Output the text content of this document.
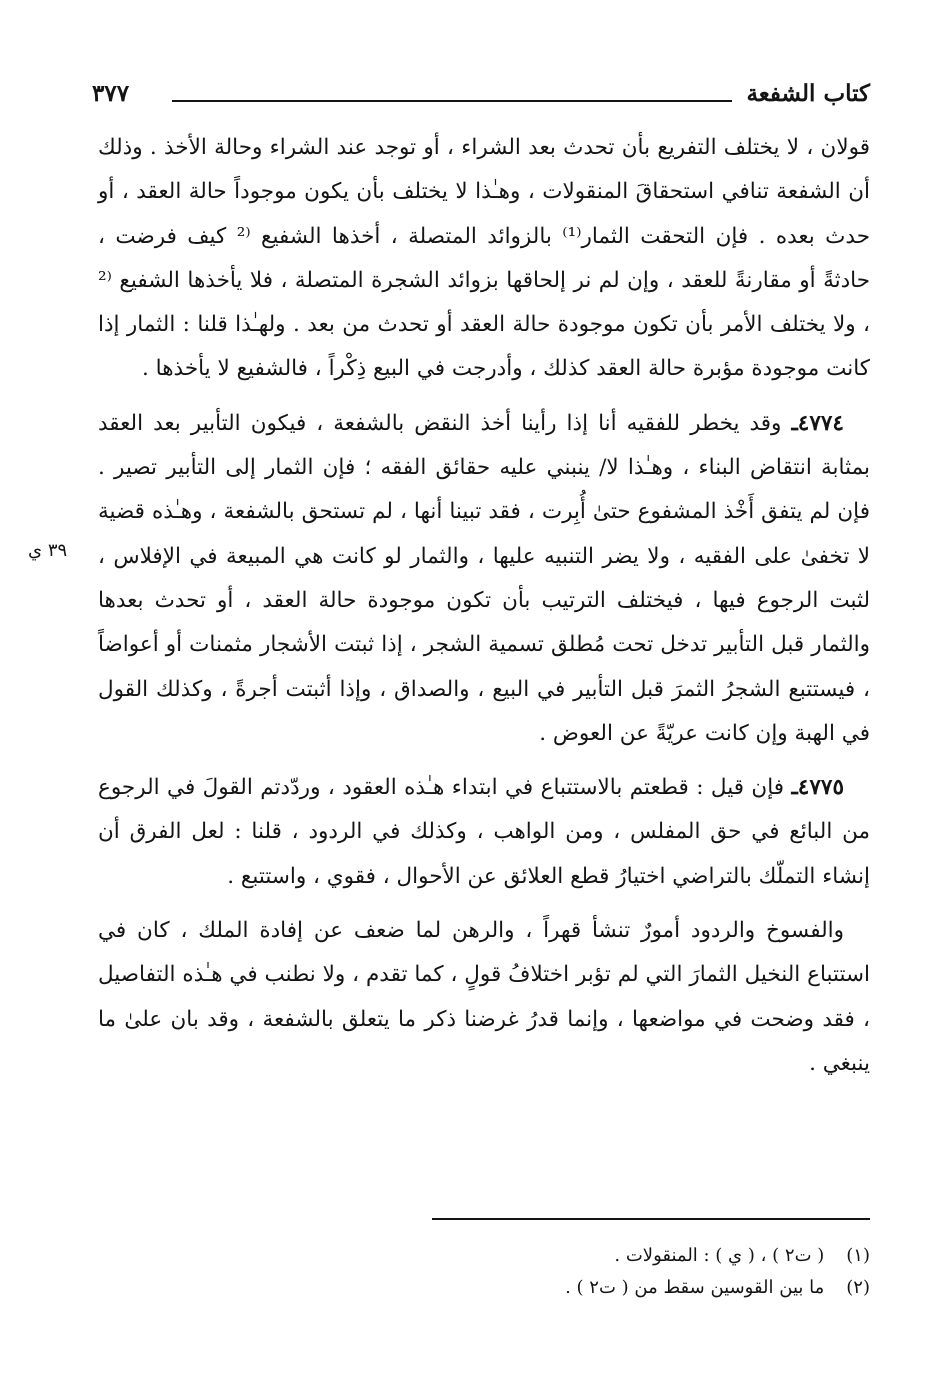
كتاب الشفعة
٣٧٧
٣٩ ي

قولان ، لا يختلف التفريع بأن تحدث بعد الشراء ، أو توجد عند الشراء وحالة الأخذ . وذلك أن الشفعة تنافي استحقاقَ المنقولات ، وهـٰذا لا يختلف بأن يكون موجوداً حالة العقد ، أو حدث بعده . فإن التحقت الثمار⁽¹⁾ بالزوائد المتصلة ، أخذها الشفيع ⁽² كيف فرضت ، حادثةً أو مقارنةً للعقد ، وإن لم نر إلحاقها بزوائد الشجرة المتصلة ، فلا يأخذها الشفيع ⁽² ، ولا يختلف الأمر بأن تكون موجودة حالة العقد أو تحدث من بعد . ولهـٰذا قلنا : الثمار إذا كانت موجودة مؤبرة حالة العقد كذلك ، وأدرجت في البيع ذِكْراً ، فالشفيع لا يأخذها .

٤٧٧٤ـ وقد يخطر للفقيه أنا إذا رأينا أخذ النقض بالشفعة ، فيكون التأبير بعد العقد بمثابة انتقاض البناء ، وهـٰذا لا/ ينبني عليه حقائق الفقه ؛ فإن الثمار إلى التأبير تصير . فإن لم يتفق أَخْذ المشفوع حتىٰ أُبِرت ، فقد تبينا أنها ، لم تستحق بالشفعة ، وهـٰذه قضية لا تخفىٰ على الفقيه ، ولا يضر التنبيه عليها ، والثمار لو كانت هي المبيعة في الإفلاس ، لثبت الرجوع فيها ، فيختلف الترتيب بأن تكون موجودة حالة العقد ، أو تحدث بعدها والثمار قبل التأبير تدخل تحت مُطلق تسمية الشجر ، إذا ثبتت الأشجار مثمنات أو أعواضاً ، فيستتبع الشجرُ الثمرَ قبل التأبير في البيع ، والصداق ، وإذا أثبتت أجرةً ، وكذلك القول في الهبة وإن كانت عريّةً عن العوض .

٤٧٧٥ـ فإن قيل : قطعتم بالاستتباع في ابتداء هـٰذه العقود ، وردّدتم القولَ في الرجوع من البائع في حق المفلس ، ومن الواهب ، وكذلك في الردود ، قلنا : لعل الفرق أن إنشاء التملّك بالتراضي اختيارُ قطع العلائق عن الأحوال ، فقوي ، واستتبع .

والفسوخ والردود أمورٌ تنشأ قهراً ، والرهن لما ضعف عن إفادة الملك ، كان في استتباع النخيل الثمارَ التي لم تؤبر اختلافُ قولٍ ، كما تقدم ، ولا نطنب في هـٰذه التفاصيل ، فقد وضحت في مواضعها ، وإنما قدرُ غرضنا ذكر ما يتعلق بالشفعة ، وقد بان علىٰ ما ينبغي .

(١) ( ت٢ ) ، ( ي ) : المنقولات .
(٢) ما بين القوسين سقط من ( ت٢ ) .
